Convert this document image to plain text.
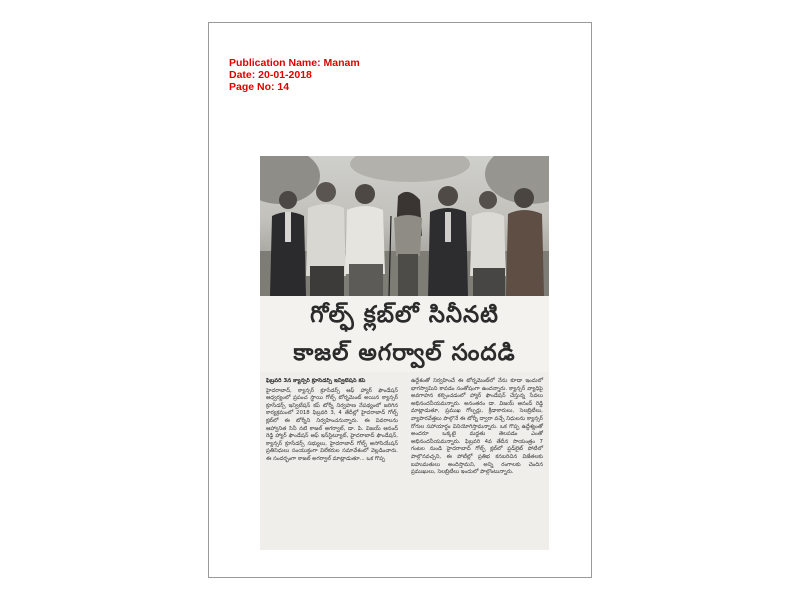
Publication Name: Manam
Date: 20-01-2018
Page No: 14
గోల్ఫ్ క్లబ్‌లో సినీనటి
కాజల్ అగర్వాల్ సందడి
ఫిబ్రవరి 3న క్యాన్సర్ క్రూసేడర్స్ ఇన్విటేషన్ కప్

హైదరాబాద్, క్యాన్సర్ క్రూసేడర్స్ ఆఫ్ హ్యార్ ఫౌండేషన్ ఆధ్వర్యంలో ప్రపంచ స్థాయి గోల్ఫ్ టోర్నమెంట్ అయిన క్యాన్సర్ క్రూసేడర్స్ ఇన్విటేషన్ కప్ టోర్నీ నిర్వహణ నేపథ్యంలో జరిగిన కార్యక్రమంలో 2018 ఫిబ్రవరి 3, 4 తేదీల్లో హైదరాబాద్ గోల్ఫ్ క్లబ్‌లో ఈ టోర్నీని నిర్వహించనున్నారు. ఈ వివరాలను ఆహ్వానిత సినీ నటి కాజల్ అగర్వాల్, డా. పి. విజయ్ ఆనంద్ రెడ్డి హ్యార్ ఫౌండేషన్ ఆఫ్ ఇన్‌స్టిట్యూట్, హైదరాబాద్ ఫౌండేషన్, క్యాన్సర్ క్రూసేడర్స్ సభ్యులు, హైదరాబాద్ గోల్ఫ్ అసోసియేషన్ ప్రతినిధులు సంయుక్తంగా విలేకరుల సమావేశంలో వెల్లడించారు. ఈ సందర్భంగా కాజల్ అగర్వాల్ మాట్లాడుతూ... ఒక గొప్ప

ఉద్దేశంతో నిర్వహించే ఈ టోర్నమెంట్‌లో నేను కూడా ఇందులో భాగస్వామిని కావడం సంతోషంగా ఉందన్నారు. క్యాన్సర్ వ్యాధిపై అవగాహన కల్పించడంలో హ్యార్ ఫౌండేషన్ చేస్తున్న సేవలు అభినందనీయమన్నారు. అనంతరం డా. విజయ్ ఆనంద్ రెడ్డి మాట్లాడుతూ, ప్రముఖ గోల్ఫర్లు, క్రీడాకారులు, సెలబ్రిటీలు, వ్యాపారవేత్తలు పాల్గొనే ఈ టోర్నీ ద్వారా వచ్చే నిధులను క్యాన్సర్ రోగుల సహాయార్థం వినియోగిస్తామన్నారు. ఒక గొప్ప ఉద్దేశ్యంతో అందరూ ఒక్కటై మద్దతు తెలపడం ఎంతో అభినందనీయమన్నారు. ఫిబ్రవరి 4వ తేదీన సాయంత్రం 7 గంటల నుండి హైదరాబాద్ గోల్ఫ్ క్లబ్‌లో ఫ్లడ్‌లైట్ పోటీలో పాల్గొనవచ్చని, ఈ పోటీల్లో ప్రతిభ కనబరిచిన విజేతలకు బహుమతులు అందిస్తామని, అన్ని రంగాలకు చెందిన ప్రముఖులు, సెలబ్రిటీలు ఇందులో పాల్గొంటున్నారు.
